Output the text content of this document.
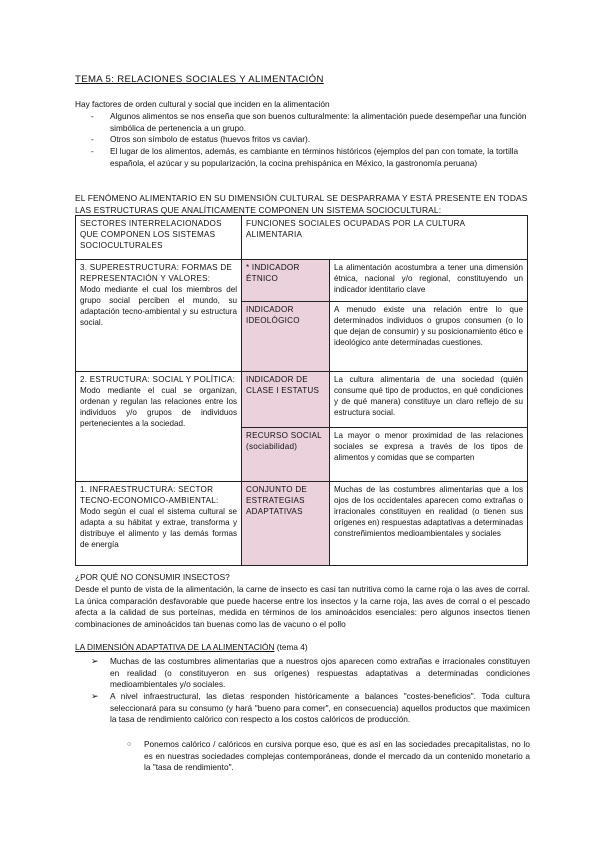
TEMA 5: RELACIONES SOCIALES Y ALIMENTACIÓN
Hay factores de orden cultural y social que inciden en la alimentación
- Algunos alimentos se nos enseña que son buenos culturalmente: la alimentación puede desempeñar una función simbólica de pertenencia a un grupo.
- Otros son símbolo de estatus (huevos fritos vs caviar).
- El lugar de los alimentos, además, es cambiante en términos históricos (ejemplos del pan con tomate, la tortilla española, el azúcar y su popularización, la cocina prehispánica en México, la gastronomía peruana)
EL FENÓMENO ALIMENTARIO EN SU DIMENSIÓN CULTURAL SE DESPARRAMA Y ESTÁ PRESENTE EN TODAS LAS ESTRUCTURAS QUE ANALÍTICAMENTE COMPONEN UN SISTEMA SOCIOCULTURAL:
SECTORES INTERRELACIONADOS QUE COMPONEN LOS SISTEMAS SOCIOCULTURALES	FUNCIONES SOCIALES OCUPADAS POR LA CULTURA ALIMENTARIA	
3. SUPERESTRUCTURA: FORMAS DE REPRESENTACIÓN Y VALORES:

Modo mediante el cual los miembros del grupo social perciben el mundo, su adaptación tecno-ambiental y su estructura social.	* INDICADOR ÉTNICO	La alimentación acostumbra a tener una dimensión étnica, nacional y/o regional, constituyendo un indicador identitario clave
	INDICADOR IDEOLÓGICO	A menudo existe una relación entre lo que determinados individuos o grupos consumen (o lo que dejan de consumir) y su posicionamiento ético e ideológico ante determinadas cuestiones.
2. ESTRUCTURA: SOCIAL Y POLÍTICA:

Modo mediante el cual se organizan, ordenan y regulan las relaciones entre los individuos y/o grupos de individuos pertenecientes a la sociedad.	INDICADOR DE CLASE I ESTATUS	La cultura alimentaria de una sociedad (quién consume qué tipo de productos, en qué condiciones y de qué manera) constituye un claro reflejo de su estructura social.
	RECURSO SOCIAL (sociabilidad)	La mayor o menor proximidad de las relaciones sociales se expresa a través de los tipos de alimentos y comidas que se comparten
1. INFRAESTRUCTURA: SECTOR TECNO-ECONOMICO-AMBIENTAL:

Modo según el cual el sistema cultural se adapta a su hábitat y extrae, transforma y distribuye el alimento y las demás formas de energía	CONJUNTO DE ESTRATEGIAS ADAPTATIVAS	Muchas de las costumbres alimentarias que a los ojos de los occidentales aparecen como extrañas o irracionales constituyen en realidad (o tienen sus orígenes en) respuestas adaptativas a determinadas constreñimientos medioambientales y sociales
¿POR QUÉ NO CONSUMIR INSECTOS?
Desde el punto de vista de la alimentación, la carne de insecto es casi tan nutritiva como la carne roja o las aves de corral. La única comparación desfavorable que puede hacerse entre los insectos y la carne roja, las aves de corral o el pescado afecta a la calidad de sus porteínas, medida en términos de los aminoácidos esenciales: pero algunos insectos tienen combinaciones de aminoácidos tan buenas como las de vacuno o el pollo
LA DIMENSIÓN ADAPTATIVA DE LA ALIMENTACIÓN (tema 4)
➢ Muchas de las costumbres alimentarias que a nuestros ojos aparecen como extrañas e irracionales constituyen en realidad (o constituyeron en sus orígenes) respuestas adaptativas a determinadas condiciones medioambientales y/o sociales.
➢ A nivel infraestructural, las dietas responden históricamente a balances "costes-beneficios". Toda cultura seleccionará para su consumo (y hará "bueno para comer", en consecuencia) aquellos productos que maximicen la tasa de rendimiento calórico con respecto a los costos calóricos de producción.
○ Ponemos calórico / calóricos en cursiva porque eso, que es así en las sociedades precapitalistas, no lo es en nuestras sociedades complejas contemporáneas, donde el mercado da un contenido monetario a la "tasa de rendimiento".
